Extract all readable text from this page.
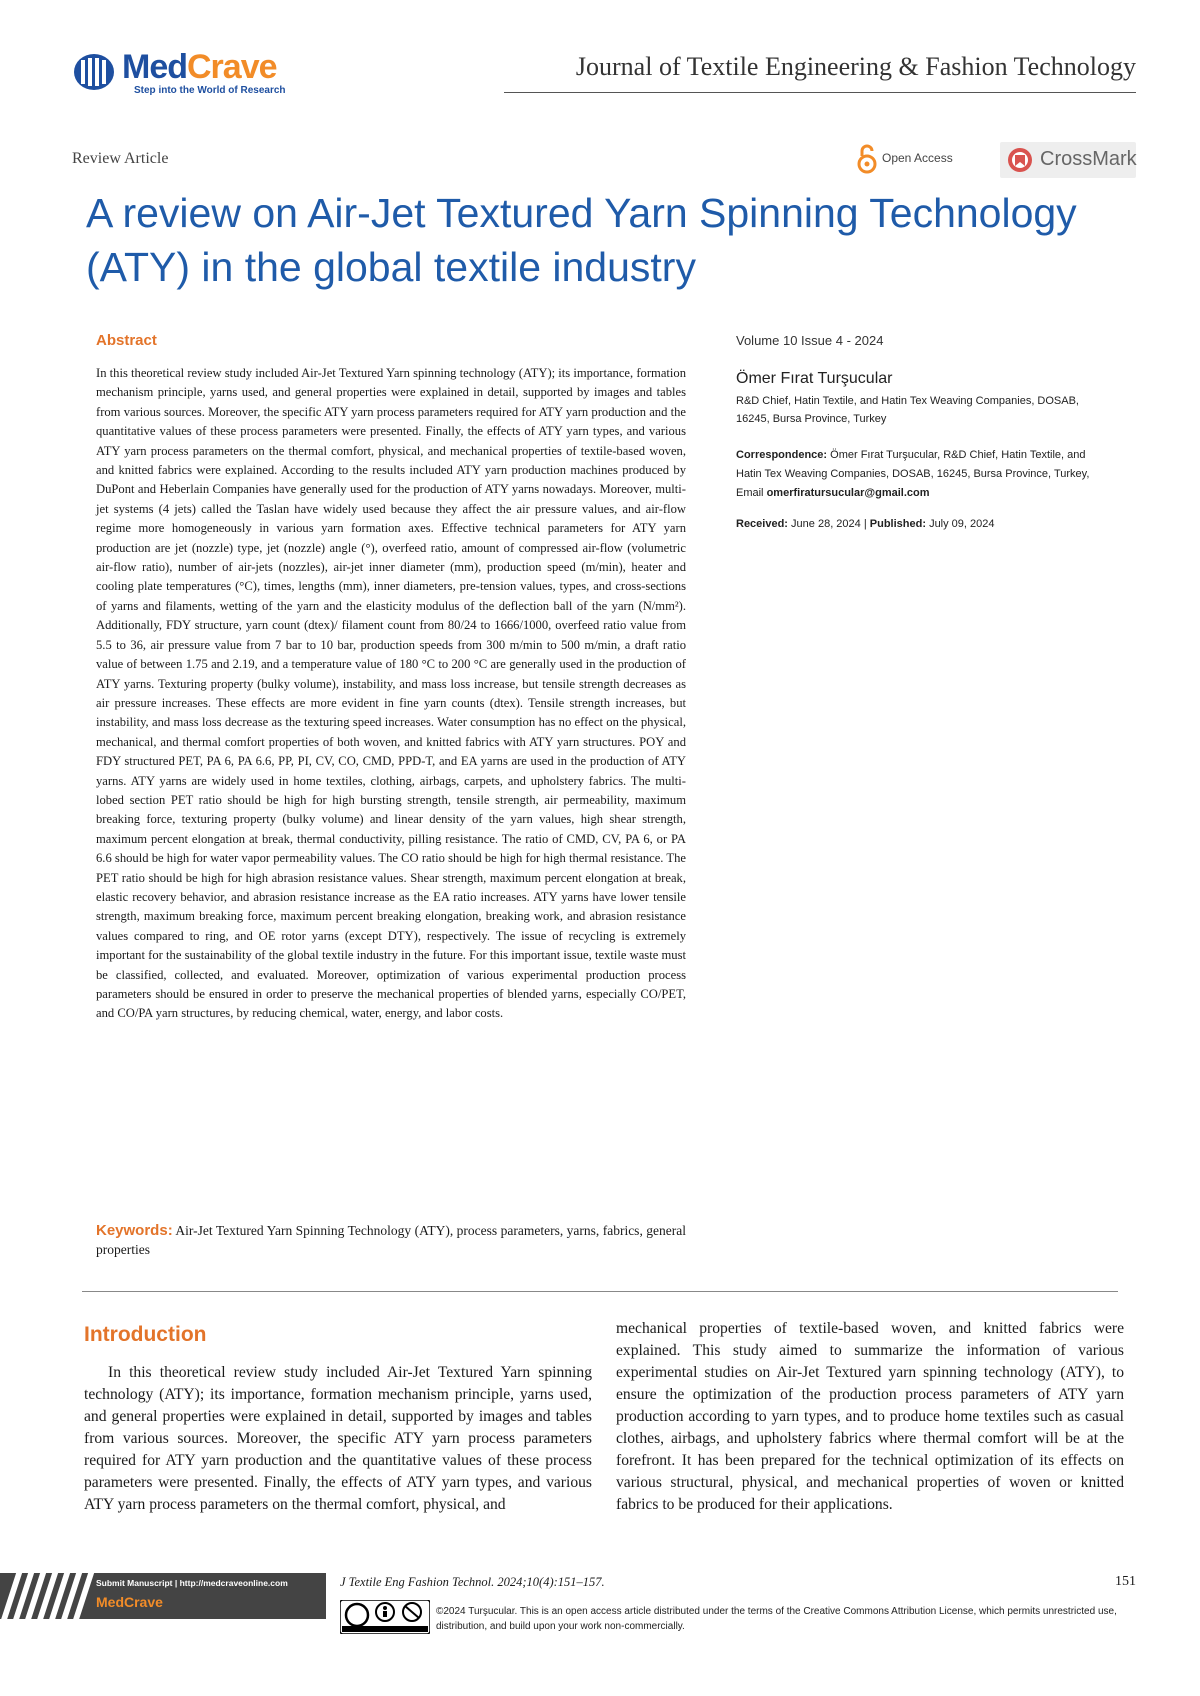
MedCrave
Step into the World of Research
Journal of Textile Engineering & Fashion Technology
Review Article	Open Access	CrossMark
A review on Air-Jet Textured Yarn Spinning Technology (ATY) in the global textile industry
Abstract
In this theoretical review study included Air-Jet Textured Yarn spinning technology (ATY); its importance, formation mechanism principle, yarns used, and general properties were explained in detail, supported by images and tables from various sources. Moreover, the specific ATY yarn process parameters required for ATY yarn production and the quantitative values of these process parameters were presented. Finally, the effects of ATY yarn types, and various ATY yarn process parameters on the thermal comfort, physical, and mechanical properties of textile-based woven, and knitted fabrics were explained. According to the results included ATY yarn production machines produced by DuPont and Heberlain Companies have generally used for the production of ATY yarns nowadays. Moreover, multi-jet systems (4 jets) called the Taslan have widely used because they affect the air pressure values, and air-flow regime more homogeneously in various yarn formation axes. Effective technical parameters for ATY yarn production are jet (nozzle) type, jet (nozzle) angle (°), overfeed ratio, amount of compressed air-flow (volumetric air-flow ratio), number of air-jets (nozzles), air-jet inner diameter (mm), production speed (m/min), heater and cooling plate temperatures (°C), times, lengths (mm), inner diameters, pre-tension values, types, and cross-sections of yarns and filaments, wetting of the yarn and the elasticity modulus of the deflection ball of the yarn (N/mm²). Additionally, FDY structure, yarn count (dtex)/ filament count from 80/24 to 1666/1000, overfeed ratio value from 5.5 to 36, air pressure value from 7 bar to 10 bar, production speeds from 300 m/min to 500 m/min, a draft ratio value of between 1.75 and 2.19, and a temperature value of 180 °C to 200 °C are generally used in the production of ATY yarns. Texturing property (bulky volume), instability, and mass loss increase, but tensile strength decreases as air pressure increases. These effects are more evident in fine yarn counts (dtex). Tensile strength increases, but instability, and mass loss decrease as the texturing speed increases. Water consumption has no effect on the physical, mechanical, and thermal comfort properties of both woven, and knitted fabrics with ATY yarn structures. POY and FDY structured PET, PA 6, PA 6.6, PP, PI, CV, CO, CMD, PPD-T, and EA yarns are used in the production of ATY yarns. ATY yarns are widely used in home textiles, clothing, airbags, carpets, and upholstery fabrics. The multi-lobed section PET ratio should be high for high bursting strength, tensile strength, air permeability, maximum breaking force, texturing property (bulky volume) and linear density of the yarn values, high shear strength, maximum percent elongation at break, thermal conductivity, pilling resistance. The ratio of CMD, CV, PA 6, or PA 6.6 should be high for water vapor permeability values. The CO ratio should be high for high thermal resistance. The PET ratio should be high for high abrasion resistance values. Shear strength, maximum percent elongation at break, elastic recovery behavior, and abrasion resistance increase as the EA ratio increases. ATY yarns have lower tensile strength, maximum breaking force, maximum percent breaking elongation, breaking work, and abrasion resistance values compared to ring, and OE rotor yarns (except DTY), respectively. The issue of recycling is extremely important for the sustainability of the global textile industry in the future. For this important issue, textile waste must be classified, collected, and evaluated. Moreover, optimization of various experimental production process parameters should be ensured in order to preserve the mechanical properties of blended yarns, especially CO/PET, and CO/PA yarn structures, by reducing chemical, water, energy, and labor costs.
Keywords: Air-Jet Textured Yarn Spinning Technology (ATY), process parameters, yarns, fabrics, general properties
Volume 10 Issue 4 - 2024
Ömer Fırat Turşucular
R&D Chief, Hatin Textile, and Hatin Tex Weaving Companies, DOSAB, 16245, Bursa Province, Turkey
Correspondence: Ömer Fırat Turşucular, R&D Chief, Hatin Textile, and Hatin Tex Weaving Companies, DOSAB, 16245, Bursa Province, Turkey, Email omerfiratursucular@gmail.com
Received: June 28, 2024 | Published: July 09, 2024
Introduction

In this theoretical review study included Air-Jet Textured Yarn spinning technology (ATY); its importance, formation mechanism principle, yarns used, and general properties were explained in detail, supported by images and tables from various sources. Moreover, the specific ATY yarn process parameters required for ATY yarn production and the quantitative values of these process parameters were presented. Finally, the effects of ATY yarn types, and various ATY yarn process parameters on the thermal comfort, physical, and

mechanical properties of textile-based woven, and knitted fabrics were explained. This study aimed to summarize the information of various experimental studies on Air-Jet Textured yarn spinning technology (ATY), to ensure the optimization of the production process parameters of ATY yarn production according to yarn types, and to produce home textiles such as casual clothes, airbags, and upholstery fabrics where thermal comfort will be at the forefront. It has been prepared for the technical optimization of its effects on various structural, physical, and mechanical properties of woven or knitted fabrics to be produced for their applications.

Submit Manuscript | http://medcraveonline.com
MedCrave
J Textile Eng Fashion Technol. 2024;10(4):151‒157.	151
©2024 Turşucular. This is an open access article distributed under the terms of the Creative Commons Attribution License, which permits unrestricted use, distribution, and build upon your work non-commercially.
